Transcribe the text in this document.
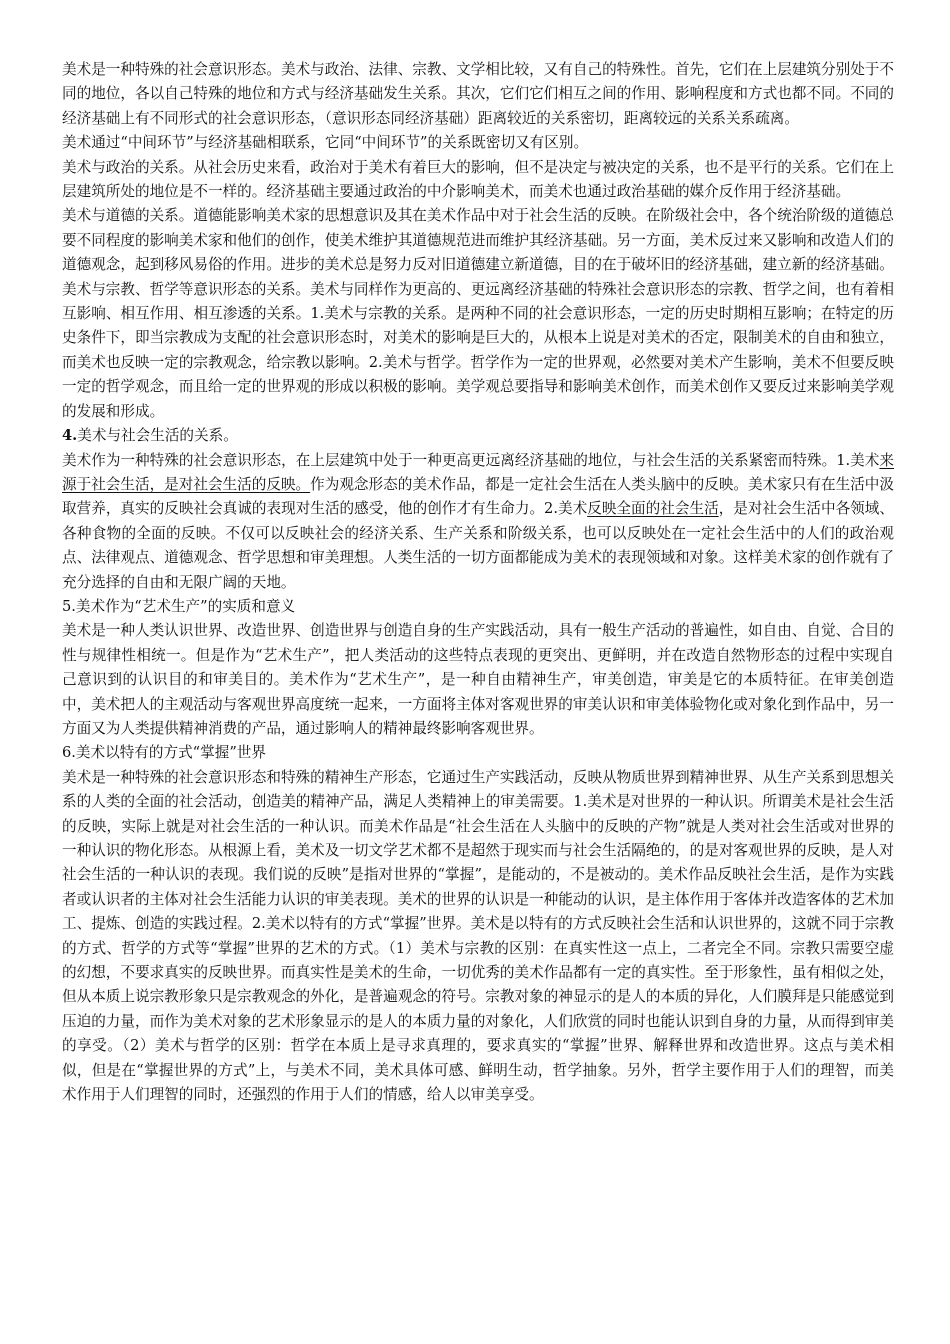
美术是一种特殊的社会意识形态。美术与政治、法律、宗教、文学相比较，又有自己的特殊性。首先，它们在上层建筑分别处于不同的地位，各以自己特殊的地位和方式与经济基础发生关系。其次，它们它们相互之间的作用、影响程度和方式也都不同。不同的经济基础上有不同形式的社会意识形态，（意识形态同经济基础）距离较近的关系密切，距离较远的关系关系疏离。

美术通过“中间环节”与经济基础相联系，它同“中间环节”的关系既密切又有区别。

美术与政治的关系。从社会历史来看，政治对于美术有着巨大的影响，但不是决定与被决定的关系，也不是平行的关系。它们在上层建筑所处的地位是不一样的。经济基础主要通过政治的中介影响美术，而美术也通过政治基础的媒介反作用于经济基础。

美术与道德的关系。道德能影响美术家的思想意识及其在美术作品中对于社会生活的反映。在阶级社会中，各个统治阶级的道德总要不同程度的影响美术家和他们的创作，使美术维护其道德规范进而维护其经济基础。另一方面，美术反过来又影响和改造人们的道德观念，起到移风易俗的作用。进步的美术总是努力反对旧道德建立新道德，目的在于破坏旧的经济基础，建立新的经济基础。

美术与宗教、哲学等意识形态的关系。美术与同样作为更高的、更远离经济基础的特殊社会意识形态的宗教、哲学之间，也有着相互影响、相互作用、相互渗透的关系。1.美术与宗教的关系。是两种不同的社会意识形态，一定的历史时期相互影响；在特定的历史条件下，即当宗教成为支配的社会意识形态时，对美术的影响是巨大的，从根本上说是对美术的否定，限制美术的自由和独立，而美术也反映一定的宗教观念，给宗教以影响。2.美术与哲学。哲学作为一定的世界观，必然要对美术产生影响，美术不但要反映一定的哲学观念，而且给一定的世界观的形成以积极的影响。美学观总要指导和影响美术创作，而美术创作又要反过来影响美学观的发展和形成。

4.美术与社会生活的关系。

美术作为一种特殊的社会意识形态，在上层建筑中处于一种更高更远离经济基础的地位，与社会生活的关系紧密而特殊。1.美术来源于社会生活，是对社会生活的反映。作为观念形态的美术作品，都是一定社会生活在人类头脑中的反映。美术家只有在生活中汲取营养，真实的反映社会真诚的表现对生活的感受，他的创作才有生命力。2.美术反映全面的社会生活，是对社会生活中各领域、各种食物的全面的反映。不仅可以反映社会的经济关系、生产关系和阶级关系，也可以反映处在一定社会生活中的人们的政治观点、法律观点、道德观念、哲学思想和审美理想。人类生活的一切方面都能成为美术的表现领域和对象。这样美术家的创作就有了充分选择的自由和无限广阔的天地。

5.美术作为“艺术生产”的实质和意义

美术是一种人类认识世界、改造世界、创造世界与创造自身的生产实践活动，具有一般生产活动的普遍性，如自由、自觉、合目的性与规律性相统一。但是作为“艺术生产”，把人类活动的这些特点表现的更突出、更鲜明，并在改造自然物形态的过程中实现自己意识到的认识目的和审美目的。美术作为“艺术生产”，是一种自由精神生产，审美创造，审美是它的本质特征。在审美创造中，美术把人的主观活动与客观世界高度统一起来，一方面将主体对客观世界的审美认识和审美体验物化或对象化到作品中，另一方面又为人类提供精神消费的产品，通过影响人的精神最终影响客观世界。

6.美术以特有的方式“掌握”世界

美术是一种特殊的社会意识形态和特殊的精神生产形态，它通过生产实践活动，反映从物质世界到精神世界、从生产关系到思想关系的人类的全面的社会活动，创造美的精神产品，满足人类精神上的审美需要。1.美术是对世界的一种认识。所谓美术是社会生活的反映，实际上就是对社会生活的一种认识。而美术作品是“社会生活在人头脑中的反映的产物”就是人类对社会生活或对世界的一种认识的物化形态。从根源上看，美术及一切文学艺术都不是超然于现实而与社会生活隔绝的，的是对客观世界的反映，是人对社会生活的一种认识的表现。我们说的反映”是指对世界的“掌握”，是能动的，不是被动的。美术作品反映社会生活，是作为实践者或认识者的主体对社会生活能力认识的审美表现。美术的世界的认识是一种能动的认识，是主体作用于客体并改造客体的艺术加工、提炼、创造的实践过程。2.美术以特有的方式“掌握”世界。美术是以特有的方式反映社会生活和认识世界的，这就不同于宗教的方式、哲学的方式等“掌握”世界的艺术的方式。（1）美术与宗教的区别：在真实性这一点上，二者完全不同。宗教只需要空虚的幻想，不要求真实的反映世界。而真实性是美术的生命，一切优秀的美术作品都有一定的真实性。至于形象性，虽有相似之处，但从本质上说宗教形象只是宗教观念的外化，是普遍观念的符号。宗教对象的神显示的是人的本质的异化，人们膜拜是只能感觉到压迫的力量，而作为美术对象的艺术形象显示的是人的本质力量的对象化，人们欣赏的同时也能认识到自身的力量，从而得到审美的享受。（2）美术与哲学的区别：哲学在本质上是寻求真理的，要求真实的“掌握”世界、解释世界和改造世界。这点与美术相似，但是在“掌握世界的方式”上，与美术不同，美术具体可感、鲜明生动，哲学抽象。另外，哲学主要作用于人们的理智，而美术作用于人们理智的同时，还强烈的作用于人们的情感，给人以审美享受。
